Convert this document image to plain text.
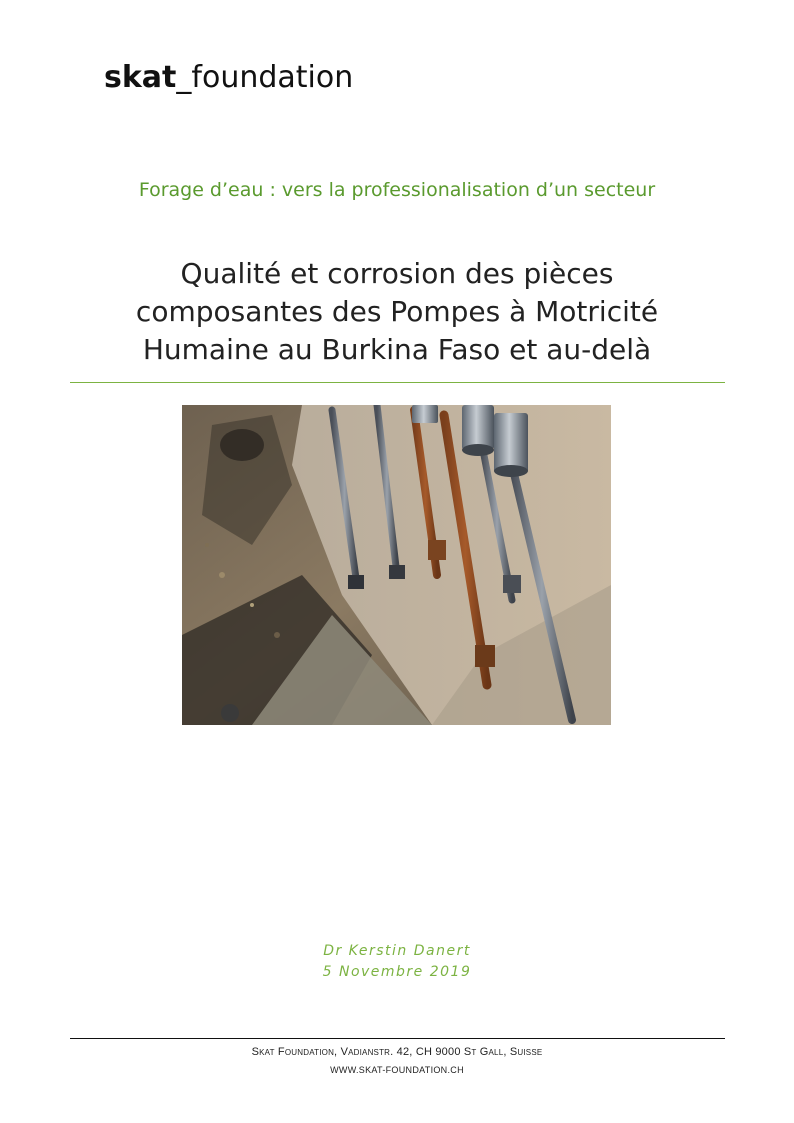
skat_foundation
Forage d’eau : vers la professionalisation d’un secteur
Qualité et corrosion des pièces
composantes des Pompes à Motricité
Humaine au Burkina Faso et au-delà
Dr Kerstin Danert
5 Novembre 2019
Skat Foundation, Vadianstr. 42, CH 9000 St Gall, Suisse
WWW.SKAT-FOUNDATION.CH
